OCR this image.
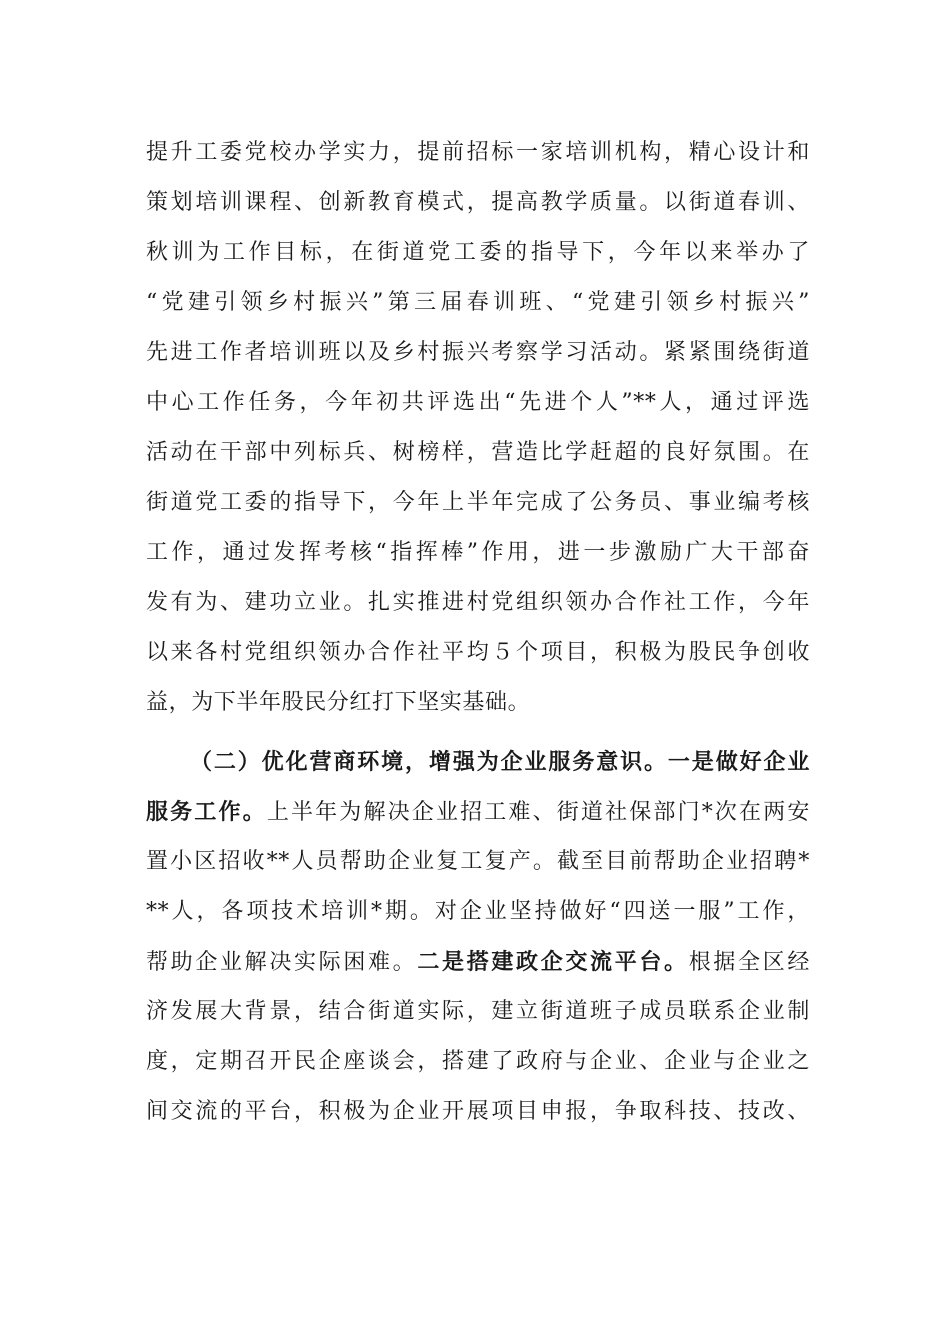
提升工委党校办学实力，提前招标一家培训机构，精心设计和
策划培训课程、创新教育模式，提高教学质量。以街道春训、
秋训为工作目标，在街道党工委的指导下，今年以来举办了
“党建引领乡村振兴”第三届春训班、“党建引领乡村振兴”
先进工作者培训班以及乡村振兴考察学习活动。紧紧围绕街道
中心工作任务，今年初共评选出“先进个人”**人，通过评选
活动在干部中列标兵、树榜样，营造比学赶超的良好氛围。在
街道党工委的指导下，今年上半年完成了公务员、事业编考核
工作，通过发挥考核“指挥棒”作用，进一步激励广大干部奋
发有为、建功立业。扎实推进村党组织领办合作社工作，今年
以来各村党组织领办合作社平均５个项目，积极为股民争创收
益，为下半年股民分红打下坚实基础。
（二）优化营商环境，增强为企业服务意识。一是做好企业
服务工作。上半年为解决企业招工难、街道社保部门*次在两安
置小区招收**人员帮助企业复工复产。截至目前帮助企业招聘*
**人，各项技术培训*期。对企业坚持做好“四送一服”工作，
帮助企业解决实际困难。二是搭建政企交流平台。根据全区经
济发展大背景，结合街道实际，建立街道班子成员联系企业制
度，定期召开民企座谈会，搭建了政府与企业、企业与企业之
间交流的平台，积极为企业开展项目申报，争取科技、技改、
